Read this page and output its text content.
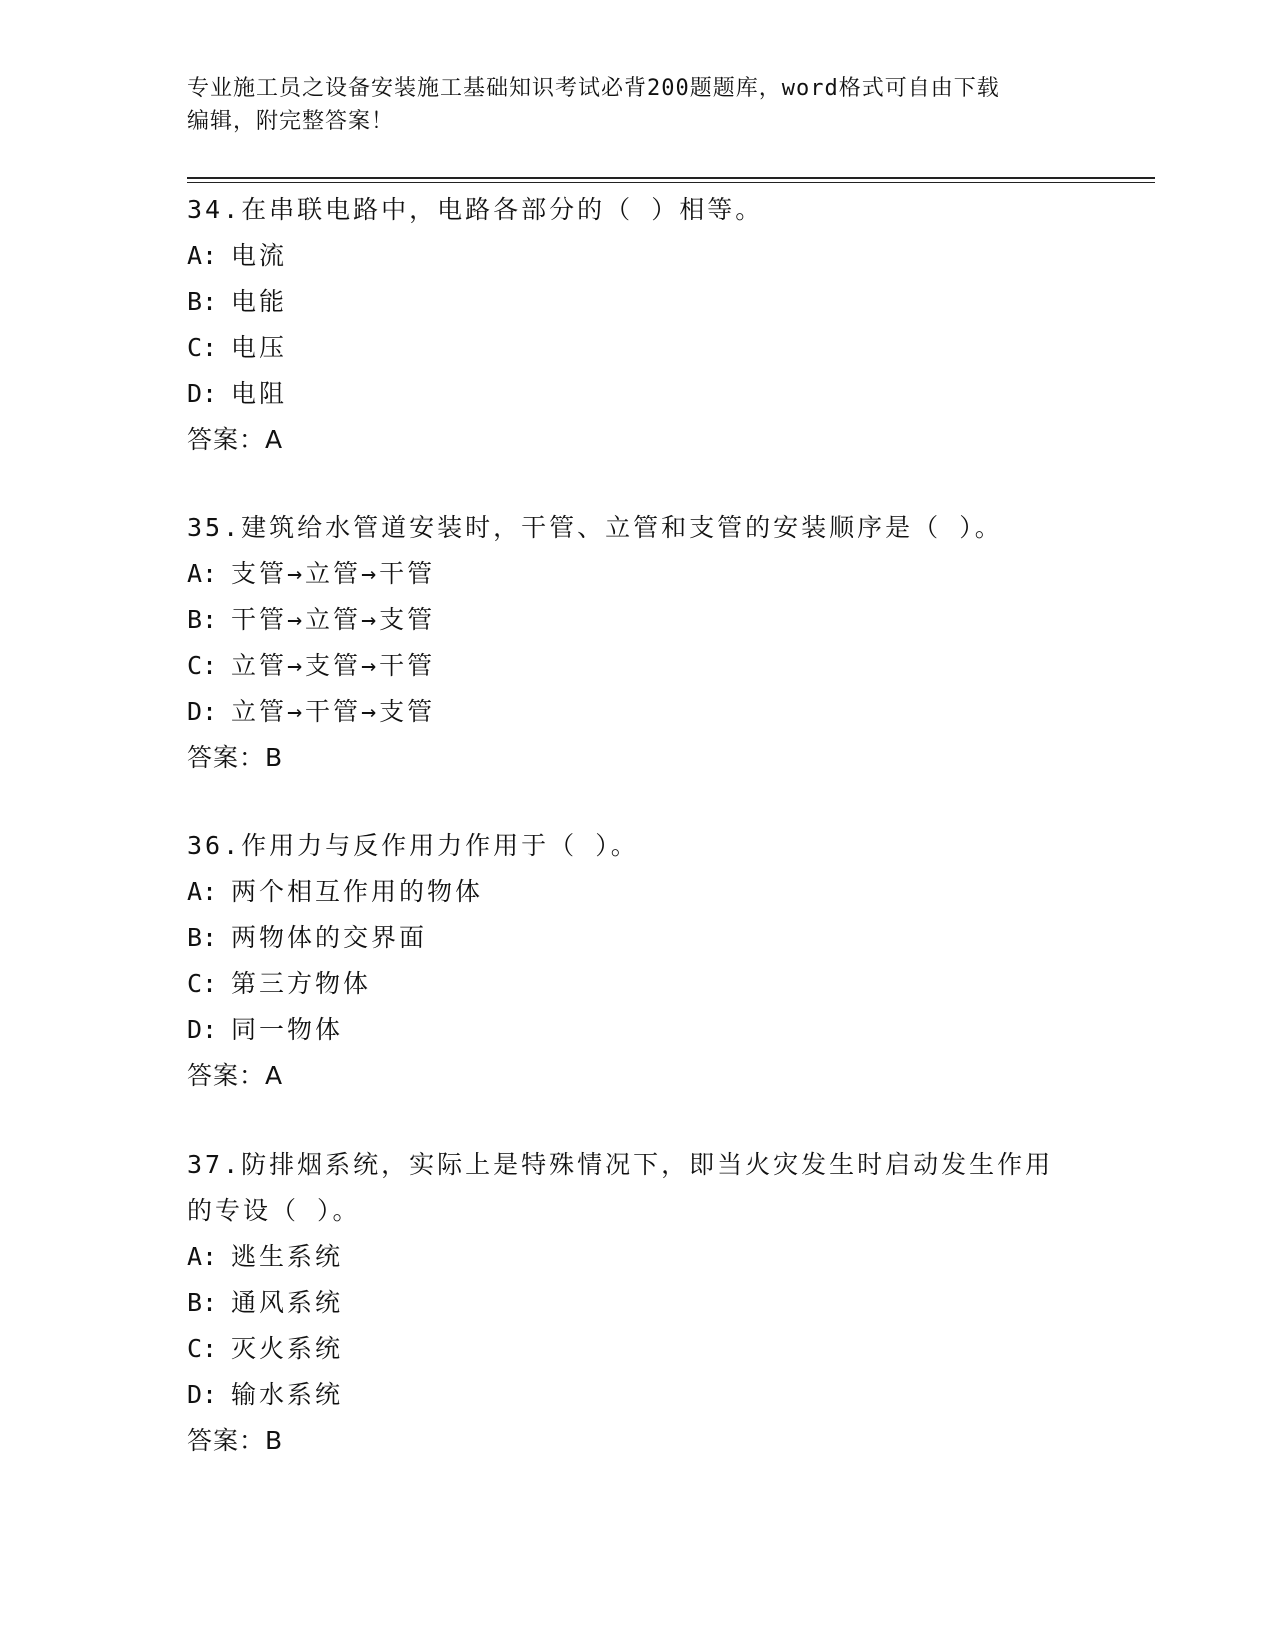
专业施工员之设备安装施工基础知识考试必背200题题库，word格式可自由下载
编辑，附完整答案！

34.在串联电路中，电路各部分的（ ）相等。

A: 电流

B: 电能

C: 电压

D: 电阻

答案：A

35.建筑给水管道安装时，干管、立管和支管的安装顺序是（ ）。

A: 支管→立管→干管

B: 干管→立管→支管

C: 立管→支管→干管

D: 立管→干管→支管

答案：B

36.作用力与反作用力作用于（ ）。

A: 两个相互作用的物体

B: 两物体的交界面

C: 第三方物体

D: 同一物体

答案：A

37.防排烟系统，实际上是特殊情况下，即当火灾发生时启动发生作用的专设（ ）。

A: 逃生系统

B: 通风系统

C: 灭火系统

D: 输水系统

答案：B
